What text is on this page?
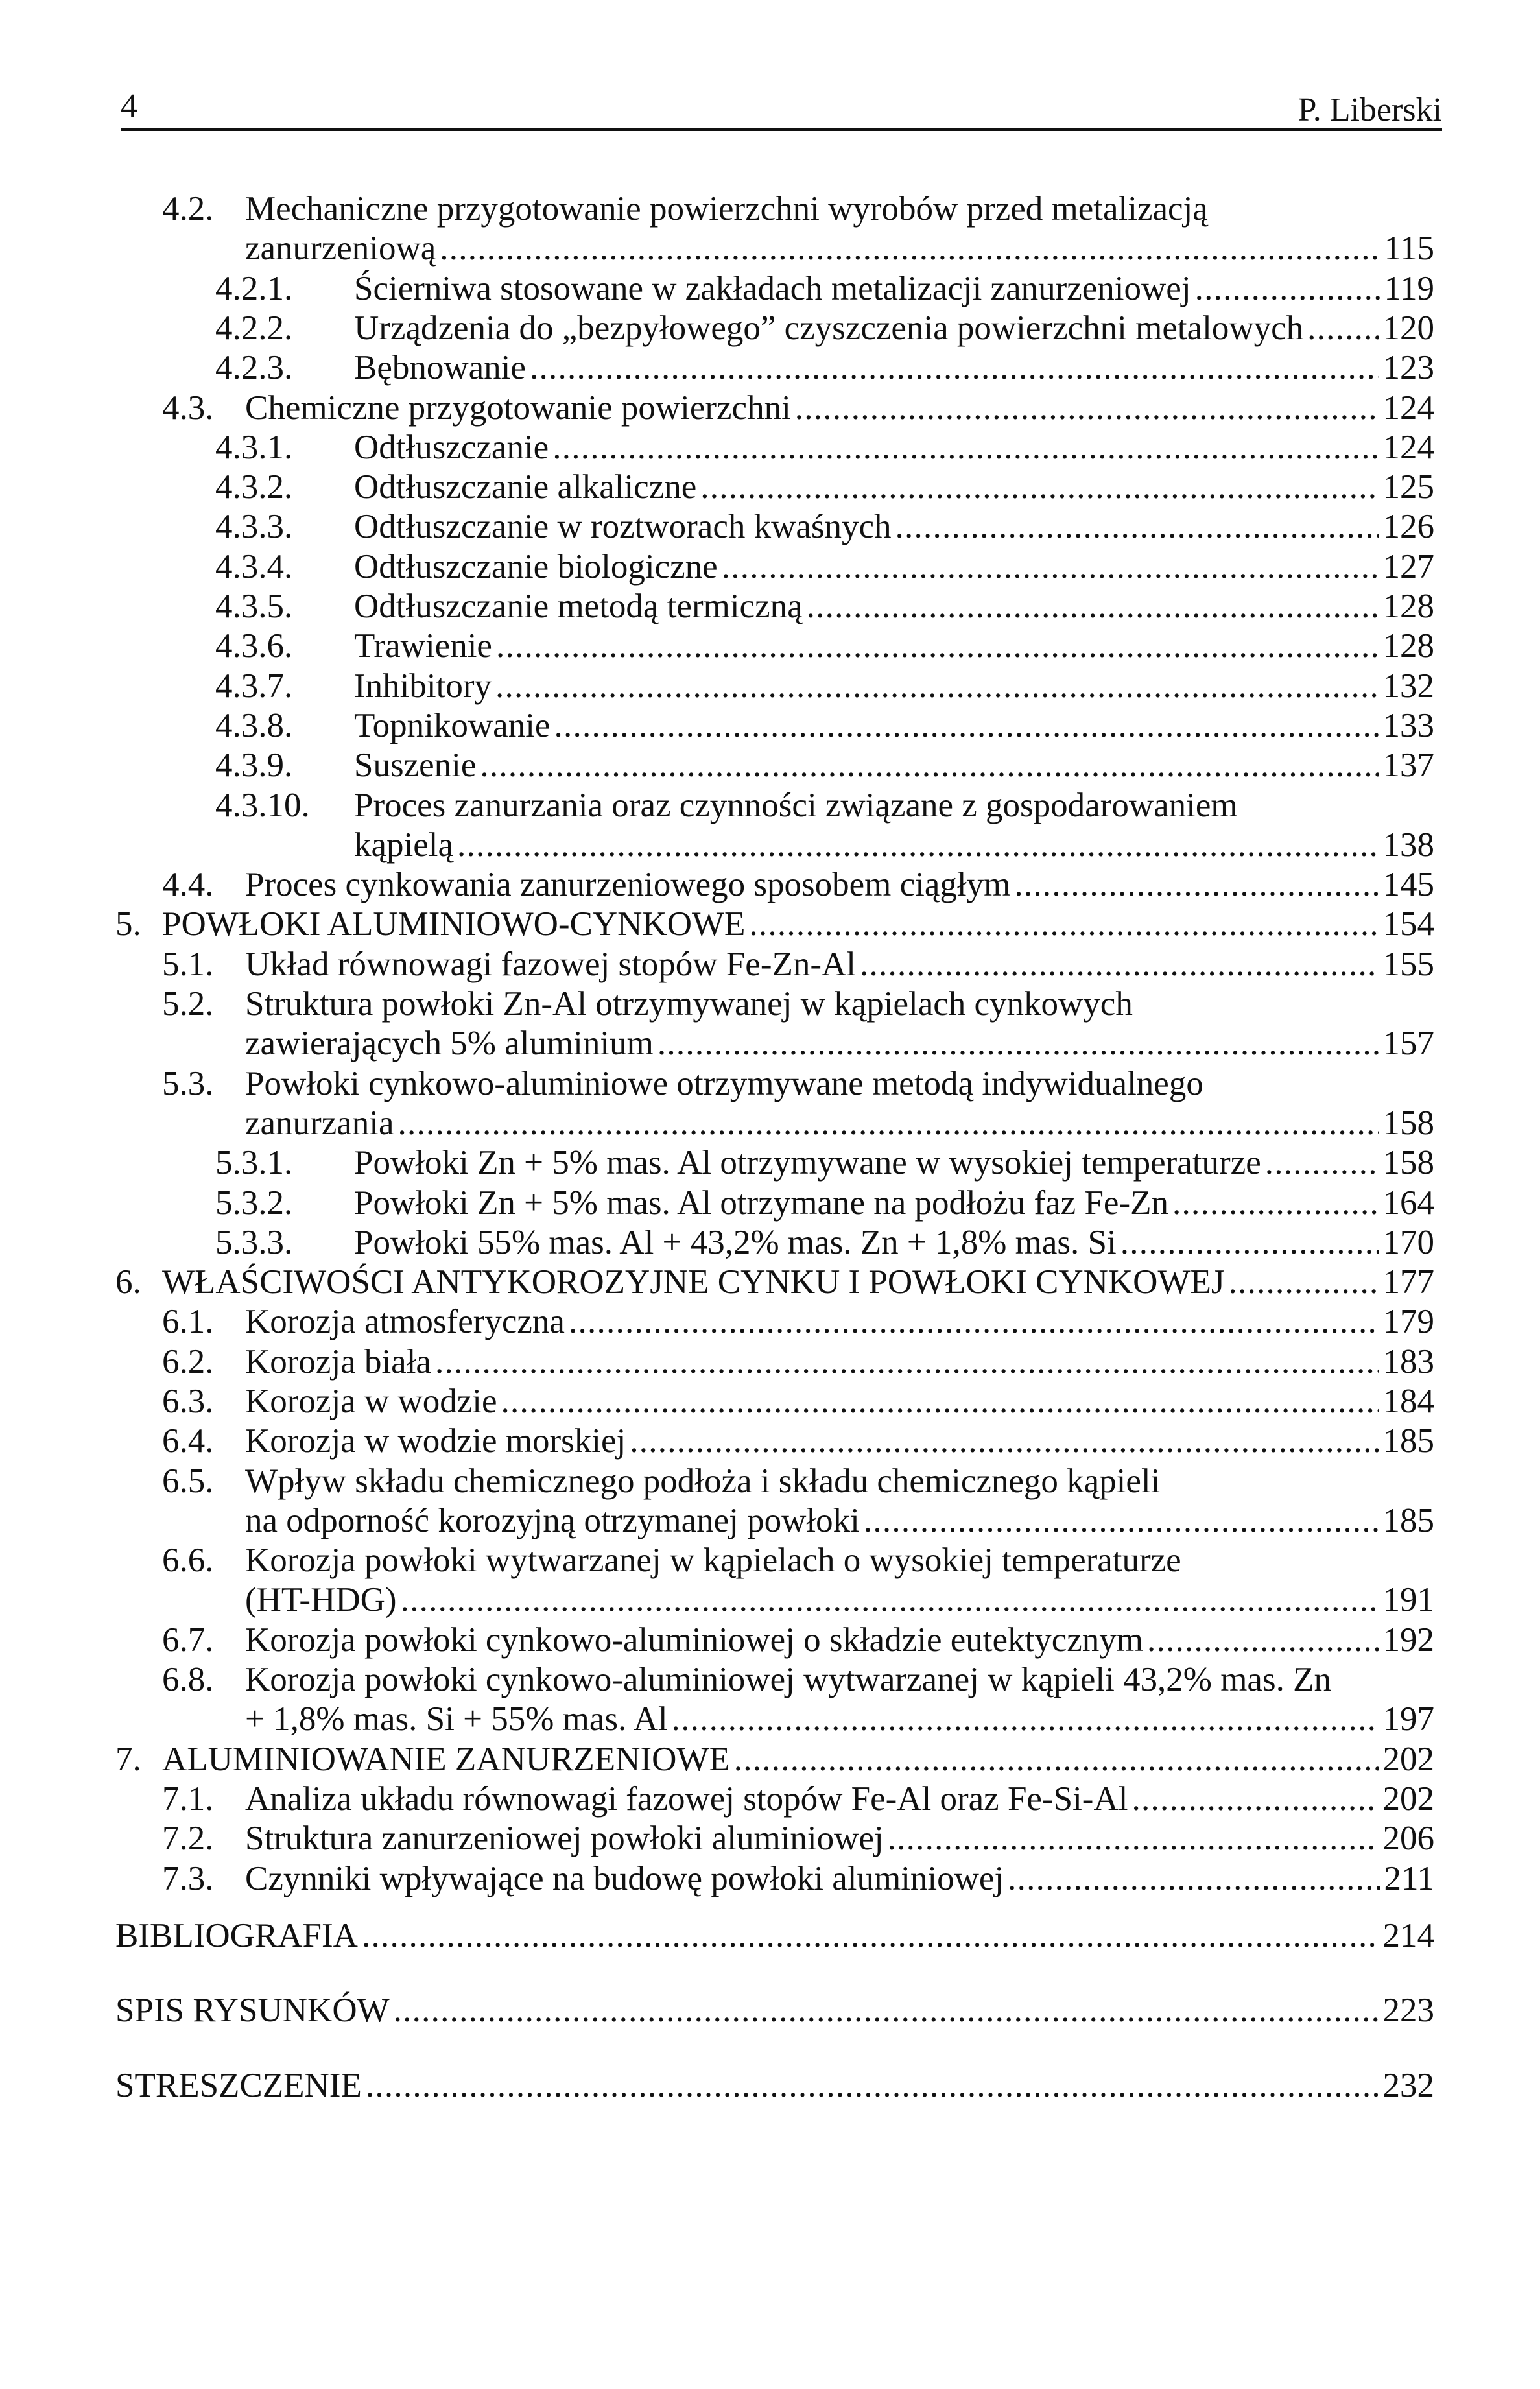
4	P. Liberski
4.2. Mechaniczne przygotowanie powierzchni wyrobów przed metalizacją
zanurzeniową . . .	115
4.2.1. Ścierniwa stosowane w zakładach metalizacji zanurzeniowej . . .	119
4.2.2. Urządzenia do „bezpyłowego” czyszczenia powierzchni metalowych . . . 120
4.2.3. Bębnowanie . . .	123
4.3. Chemiczne przygotowanie powierzchni . . .	124
4.3.1. Odtłuszczanie . . .	124
4.3.2. Odtłuszczanie alkaliczne . . .	125
4.3.3. Odtłuszczanie w roztworach kwaśnych . . .	126
4.3.4. Odtłuszczanie biologiczne . . .	127
4.3.5. Odtłuszczanie metodą termiczną . . .	128
4.3.6. Trawienie . . .	128
4.3.7. Inhibitory . . .	132
4.3.8. Topnikowanie . . .	133
4.3.9. Suszenie . . .	137
4.3.10. Proces zanurzania oraz czynności związane z gospodarowaniem
kąpielą . . .	138
4.4. Proces cynkowania zanurzeniowego sposobem ciągłym . . .	145
5. POWŁOKI ALUMINIOWO-CYNKOWE . . .	154
5.1. Układ równowagi fazowej stopów Fe-Zn-Al . . .	155
5.2. Struktura powłoki Zn-Al otrzymywanej w kąpielach cynkowych
zawierających 5% aluminium . . .	157
5.3. Powłoki cynkowo-aluminiowe otrzymywane metodą indywidualnego
zanurzania . . .	158
5.3.1. Powłoki Zn + 5% mas. Al otrzymywane w wysokiej temperaturze . . .	158
5.3.2. Powłoki Zn + 5% mas. Al otrzymane na podłożu faz Fe-Zn . . .	164
5.3.3. Powłoki 55% mas. Al + 43,2% mas. Zn + 1,8% mas. Si . . .	170
6. WŁAŚCIWOŚCI ANTYKOROZYJNE CYNKU I POWŁOKI CYNKOWEJ . . .	177
6.1. Korozja atmosferyczna . . .	179
6.2. Korozja biała . . .	183
6.3. Korozja w wodzie . . .	184
6.4. Korozja w wodzie morskiej . . .	185
6.5. Wpływ składu chemicznego podłoża i składu chemicznego kąpieli
na odporność korozyjną otrzymanej powłoki . . .	185
6.6. Korozja powłoki wytwarzanej w kąpielach o wysokiej temperaturze
(HT-HDG) . . .	191
6.7. Korozja powłoki cynkowo-aluminiowej o składzie eutektycznym . . .	192
6.8. Korozja powłoki cynkowo-aluminiowej wytwarzanej w kąpieli 43,2% mas. Zn
+ 1,8% mas. Si + 55% mas. Al . . .	197
7. ALUMINIOWANIE ZANURZENIOWE . . .	202
7.1. Analiza układu równowagi fazowej stopów Fe-Al oraz Fe-Si-Al . . .	202
7.2. Struktura zanurzeniowej powłoki aluminiowej . . .	206
7.3. Czynniki wpływające na budowę powłoki aluminiowej . . .	211
BIBLIOGRAFIA . . .	214
SPIS RYSUNKÓW . . .	223
STRESZCZENIE . . .	232
